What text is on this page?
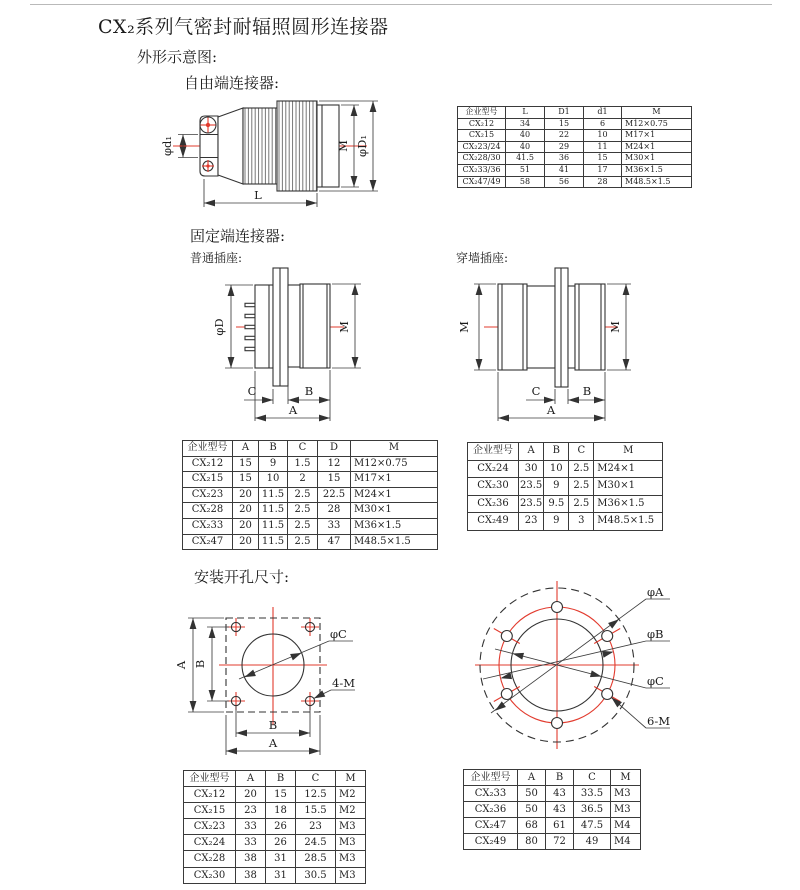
CX₂系列气密封耐辐照圆形连接器
外形示意图:
自由端连接器:
φd₁	M φD₁
L
企业型号	L	D1	d1	M
CX₂12	34	15	6	M12×0.75
CX₂15	40	22	10	M17×1
CX₂23/24	40	29	11	M24×1
CX₂28/30	41.5	36	15	M30×1
CX₂33/36	51	41	17	M36×1.5
CX₂47/49	58	56	28	M48.5×1.5
固定端连接器:
普通插座:	穿墙插座:
φD	M
C	B
A
M	M
C	B
A
企业型号	A	B	C	D	M
CX₂12	15	9	1.5	12	M12×0.75
CX₂15	15	10	2	15	M17×1
CX₂23	20	11.5	2.5	22.5	M24×1
CX₂28	20	11.5	2.5	28	M30×1
CX₂33	20	11.5	2.5	33	M36×1.5
CX₂47	20	11.5	2.5	47	M48.5×1.5
企业型号	A	B	C	M
CX₂24	30	10	2.5	M24×1
CX₂30	23.5	9	2.5	M30×1
CX₂36	23.5	9.5	2.5	M36×1.5
CX₂49	23	9	3	M48.5×1.5
安装开孔尺寸:
A B
B
A
φC
4-M
φA
φB
φC
6-M
企业型号	A	B	C	M
CX₂12	20	15	12.5	M2
CX₂15	23	18	15.5	M2
CX₂23	33	26	23	M3
CX₂24	33	26	24.5	M3
CX₂28	38	31	28.5	M3
CX₂30	38	31	30.5	M3
企业型号	A	B	C	M
CX₂33	50	43	33.5	M3
CX₂36	50	43	36.5	M3
CX₂47	68	61	47.5	M4
CX₂49	80	72	49	M4
